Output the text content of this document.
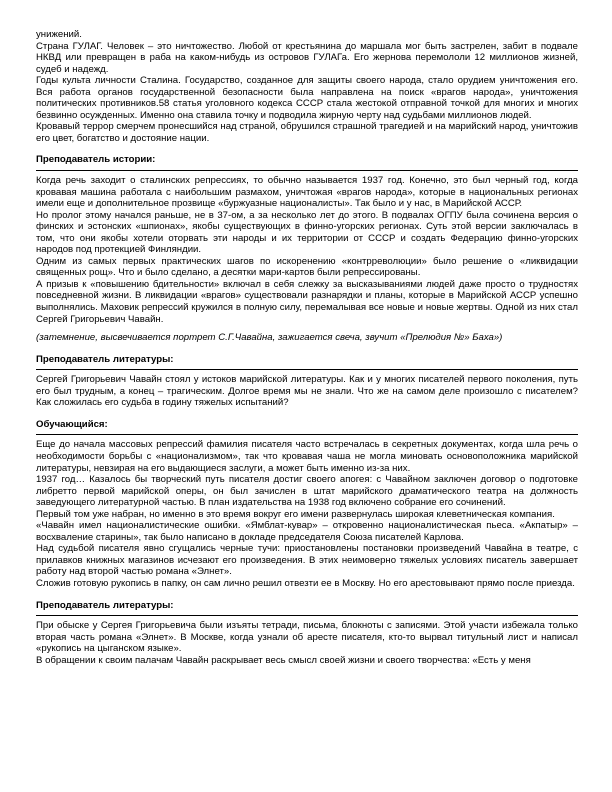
унижений.

Страна ГУЛАГ. Человек – это ничтожество. Любой от крестьянина до маршала мог быть застрелен, забит в подвале НКВД или превращен в раба на каком-нибудь из островов ГУЛАГа. Его жернова перемололи 12 миллионов жизней, судеб и надежд.

Годы культа личности Сталина. Государство, созданное для защиты своего народа, стало орудием уничтожения его. Вся работа органов государственной безопасности была направлена на поиск «врагов народа», уничтожения политических противников.58 статья уголовного кодекса СССР стала жестокой отправной точкой для многих и многих безвинно осужденных. Именно она ставила точку и подводила жирную черту над судьбами миллионов людей.

Кровавый террор смерчем пронесшийся над страной, обрушился страшной трагедией и на марийский народ, уничтожив его цвет, богатство и достояние нации.

Преподаватель истории:

Когда речь заходит о сталинских репрессиях, то обычно называется 1937 год. Конечно, это был черный год, когда кровавая машина работала с наибольшим размахом, уничтожая «врагов народа», которые в национальных регионах имели еще и дополнительное прозвище «буржуазные националисты». Так было и у нас, в Марийской АССР.

Но пролог этому начался раньше, не в 37-ом, а за несколько лет до этого. В подвалах ОГПУ была сочинена версия о финских и эстонских «шпионах», якобы существующих в финно-угорских регионах. Суть этой версии заключалась в том, что они якобы хотели оторвать эти народы и их территории от СССР и создать Федерацию финно-угорских народов под протекцией Финляндии.

Одним из самых первых практических шагов по искоренению «контрреволюции» было решение о «ликвидации священных рощ». Что и было сделано, а десятки мари-картов были репрессированы.

А призыв к «повышению бдительности» включал в себя слежку за высказываниями людей даже просто о трудностях повседневной жизни. В ликвидации «врагов» существовали разнарядки и планы, которые в Марийской АССР успешно выполнялись. Маховик репрессий кружился в полную силу, перемалывая все новые и новые жертвы. Одной из них стал Сергей Григорьевич Чавайн.

(затемнение, высвечивается портрет С.Г.Чавайна, зажигается свеча, звучит «Прелюдия №» Баха»)

Преподаватель литературы:

Сергей Григорьевич Чавайн стоял у истоков марийской литературы. Как и у многих писателей первого поколения, путь его был трудным, а конец – трагическим. Долгое время мы не знали. Что же на самом деле произошло с писателем? Как сложилась его судьба в годину тяжелых испытаний?

Обучающийся:

Еще до начала массовых репрессий фамилия писателя часто встречалась в секретных документах, когда шла речь о необходимости борьбы с «национализмом», так что кровавая чаша не могла миновать основоположника марийской литературы, невзирая на его выдающиеся заслуги, а может быть именно из-за них.

1937 год… Казалось бы творческий путь писателя достиг своего апогея: с Чавайном заключен договор о подготовке либретто первой марийской оперы, он был зачислен в штат марийского драматического театра на должность заведующего литературной частью. В план издательства на 1938 год включено собрание его сочинений.

Первый том уже набран, но именно в это время вокруг его имени развернулась широкая клеветническая компания.

«Чавайн имел националистические ошибки. «Ямблат-кувар» – откровенно националистическая пьеса. «Акпатыр» – восхваление старины», так было написано в докладе председателя Союза писателей Карлова.

Над судьбой писателя явно сгущались черные тучи: приостановлены постановки произведений Чавайна в театре, с прилавков книжных магазинов исчезают его произведения. В этих неимоверно тяжелых условиях писатель завершает работу над второй частью романа «Элнет».

Сложив готовую рукопись в папку, он сам лично решил отвезти ее в Москву. Но его арестовывают прямо после приезда.

Преподаватель литературы:

При обыске у Сергея Григорьевича были изъяты тетради, письма, блокноты с записями. Этой участи избежала только вторая часть романа «Элнет». В Москве, когда узнали об аресте писателя, кто-то вырвал титульный лист и написал «рукопись на цыганском языке».

В обращении к своим палачам Чавайн раскрывает весь смысл своей жизни и своего творчества: «Есть у меня
